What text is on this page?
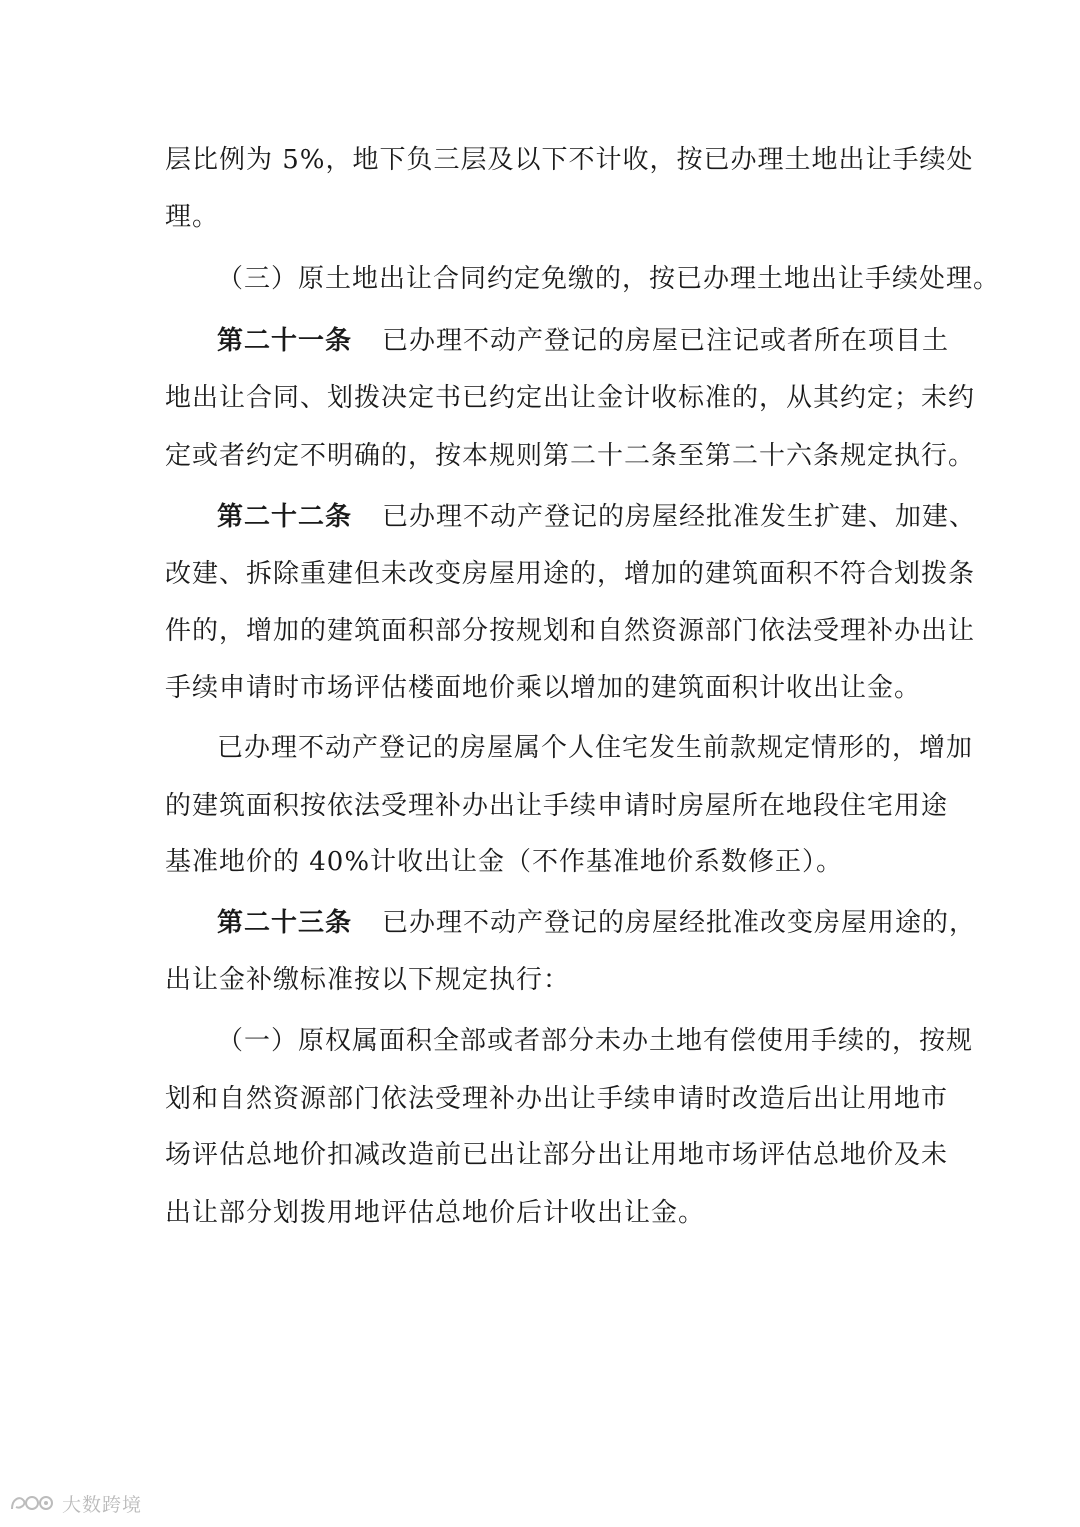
层比例为 5%，地下负三层及以下不计收，按已办理土地出让手续处
理。
（三）原土地出让合同约定免缴的，按已办理土地出让手续处理。
第二十一条 已办理不动产登记的房屋已注记或者所在项目土
地出让合同、划拨决定书已约定出让金计收标准的，从其约定；未约
定或者约定不明确的，按本规则第二十二条至第二十六条规定执行。
第二十二条 已办理不动产登记的房屋经批准发生扩建、加建、
改建、拆除重建但未改变房屋用途的，增加的建筑面积不符合划拨条
件的，增加的建筑面积部分按规划和自然资源部门依法受理补办出让
手续申请时市场评估楼面地价乘以增加的建筑面积计收出让金。
已办理不动产登记的房屋属个人住宅发生前款规定情形的，增加
的建筑面积按依法受理补办出让手续申请时房屋所在地段住宅用途
基准地价的 40%计收出让金（不作基准地价系数修正）。
第二十三条 已办理不动产登记的房屋经批准改变房屋用途的，
出让金补缴标准按以下规定执行：
（一）原权属面积全部或者部分未办土地有偿使用手续的，按规
划和自然资源部门依法受理补办出让手续申请时改造后出让用地市
场评估总地价扣减改造前已出让部分出让用地市场评估总地价及未
出让部分划拨用地评估总地价后计收出让金。
大数跨境
